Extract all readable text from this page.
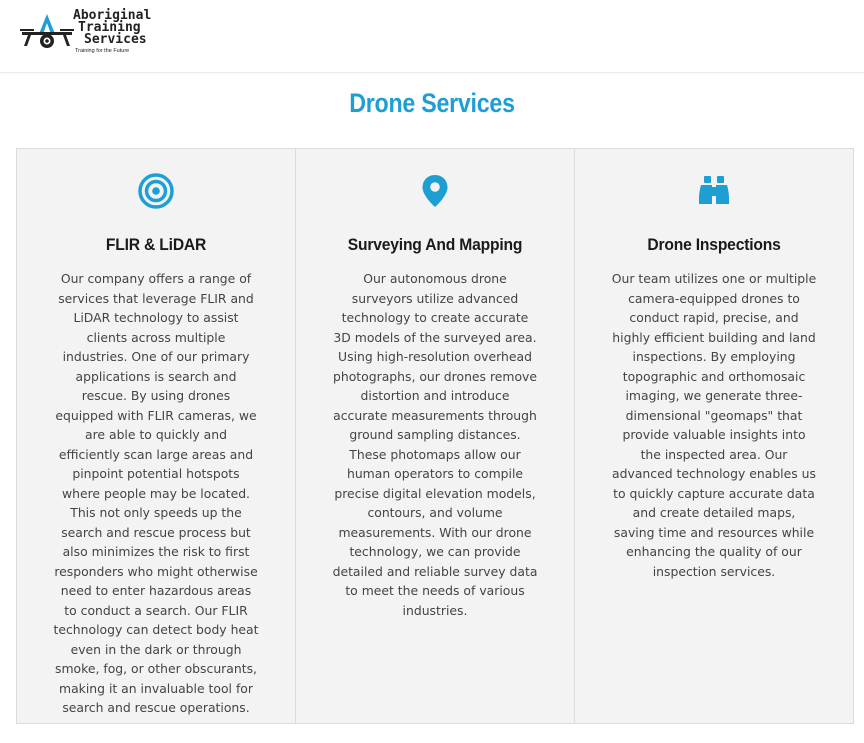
Aboriginal
Training
Services
Training for the Future
Drone Services
FLIR & LiDAR

Our company offers a range of services that leverage FLIR and LiDAR technology to assist clients across multiple industries. One of our primary applications is search and rescue. By using drones equipped with FLIR cameras, we are able to quickly and efficiently scan large areas and pinpoint potential hotspots where people may be located. This not only speeds up the search and rescue process but also minimizes the risk to first responders who might otherwise need to enter hazardous areas to conduct a search. Our FLIR technology can detect body heat even in the dark or through smoke, fog, or other obscurants, making it an invaluable tool for search and rescue operations.

Surveying And Mapping

Our autonomous drone surveyors utilize advanced technology to create accurate 3D models of the surveyed area. Using high-resolution overhead photographs, our drones remove distortion and introduce accurate measurements through ground sampling distances. These photomaps allow our human operators to compile precise digital elevation models, contours, and volume measurements. With our drone technology, we can provide detailed and reliable survey data to meet the needs of various industries.

Drone Inspections

Our team utilizes one or multiple camera-equipped drones to conduct rapid, precise, and highly efficient building and land inspections. By employing topographic and orthomosaic imaging, we generate three-dimensional "geomaps" that provide valuable insights into the inspected area. Our advanced technology enables us to quickly capture accurate data and create detailed maps, saving time and resources while enhancing the quality of our inspection services.
